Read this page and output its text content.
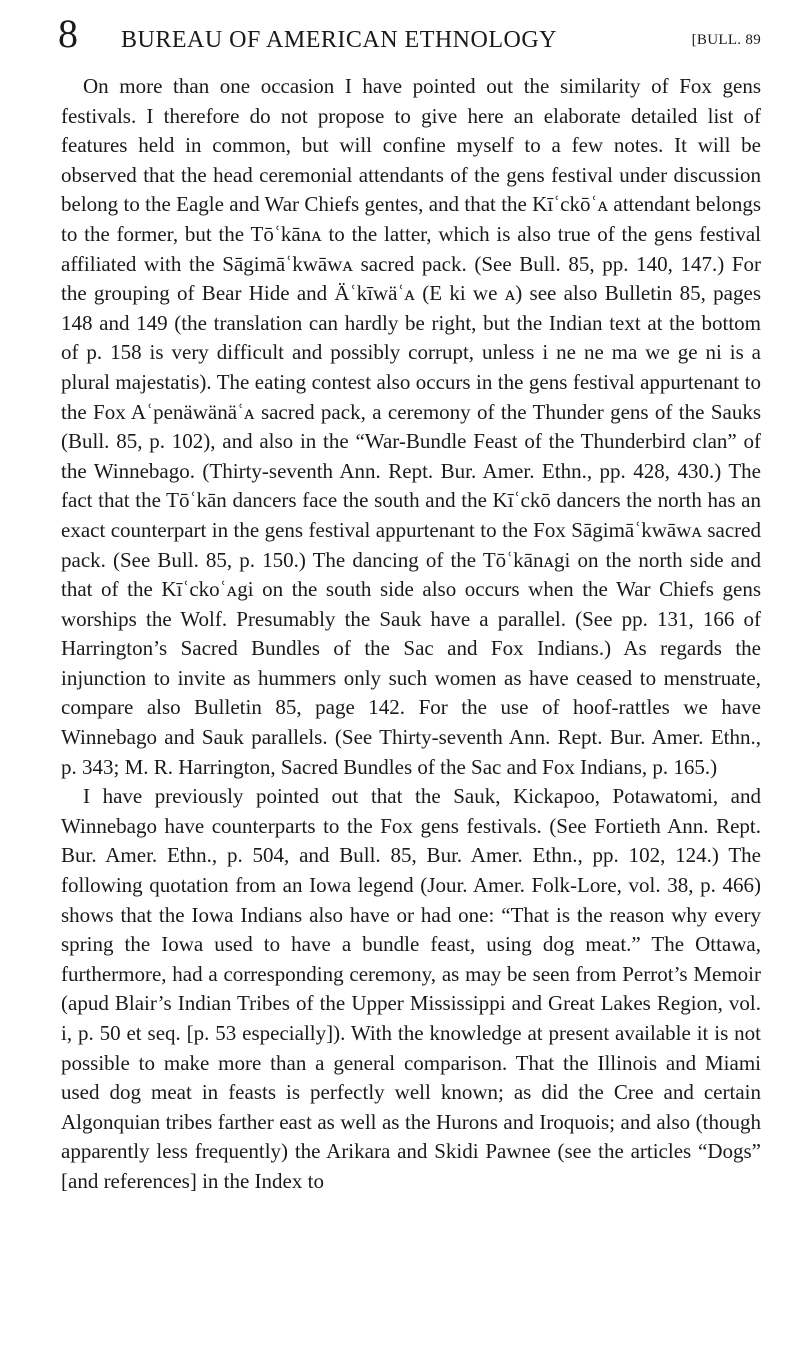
8 BUREAU OF AMERICAN ETHNOLOGY	[BULL. 89

On more than one occasion I have pointed out the similarity of Fox gens festivals. I therefore do not propose to give here an elaborate detailed list of features held in common, but will confine myself to a few notes. It will be observed that the head ceremonial attendants of the gens festival under discussion belong to the Eagle and War Chiefs gentes, and that the Kīʿckōʿᴀ attendant belongs to the former, but the Tōʿkānᴀ to the latter, which is also true of the gens festival affiliated with the Sāgimāʿkwāwᴀ sacred pack. (See Bull. 85, pp. 140, 147.) For the grouping of Bear Hide and Äʿkīwäʿᴀ (E ki we ᴀ) see also Bulletin 85, pages 148 and 149 (the translation can hardly be right, but the Indian text at the bottom of p. 158 is very difficult and possibly corrupt, unless i ne ne ma we ge ni is a plural majestatis). The eating contest also occurs in the gens festival appurtenant to the Fox Aʿpenäwänäʿᴀ sacred pack, a ceremony of the Thunder gens of the Sauks (Bull. 85, p. 102), and also in the “War-Bundle Feast of the Thunderbird clan” of the Winnebago. (Thirty-seventh Ann. Rept. Bur. Amer. Ethn., pp. 428, 430.) The fact that the Tōʿkān dancers face the south and the Kīʿckō dancers the north has an exact counterpart in the gens festival appurtenant to the Fox Sāgimāʿkwāwᴀ sacred pack. (See Bull. 85, p. 150.) The dancing of the Tōʿkānᴀgi on the north side and that of the Kīʿckoʿᴀgi on the south side also occurs when the War Chiefs gens worships the Wolf. Presumably the Sauk have a parallel. (See pp. 131, 166 of Harrington’s Sacred Bundles of the Sac and Fox Indians.) As regards the injunction to invite as hummers only such women as have ceased to menstruate, compare also Bulletin 85, page 142. For the use of hoof-rattles we have Winnebago and Sauk parallels. (See Thirty-seventh Ann. Rept. Bur. Amer. Ethn., p. 343; M. R. Harrington, Sacred Bundles of the Sac and Fox Indians, p. 165.)

I have previously pointed out that the Sauk, Kickapoo, Potawatomi, and Winnebago have counterparts to the Fox gens festivals. (See Fortieth Ann. Rept. Bur. Amer. Ethn., p. 504, and Bull. 85, Bur. Amer. Ethn., pp. 102, 124.) The following quotation from an Iowa legend (Jour. Amer. Folk-Lore, vol. 38, p. 466) shows that the Iowa Indians also have or had one: “That is the reason why every spring the Iowa used to have a bundle feast, using dog meat.” The Ottawa, furthermore, had a corresponding ceremony, as may be seen from Perrot’s Memoir (apud Blair’s Indian Tribes of the Upper Mississippi and Great Lakes Region, vol. i, p. 50 et seq. [p. 53 especially]). With the knowledge at present available it is not possible to make more than a general comparison. That the Illinois and Miami used dog meat in feasts is perfectly well known; as did the Cree and certain Algonquian tribes farther east as well as the Hurons and Iroquois; and also (though apparently less frequently) the Arikara and Skidi Pawnee (see the articles “Dogs” [and references] in the Index to
